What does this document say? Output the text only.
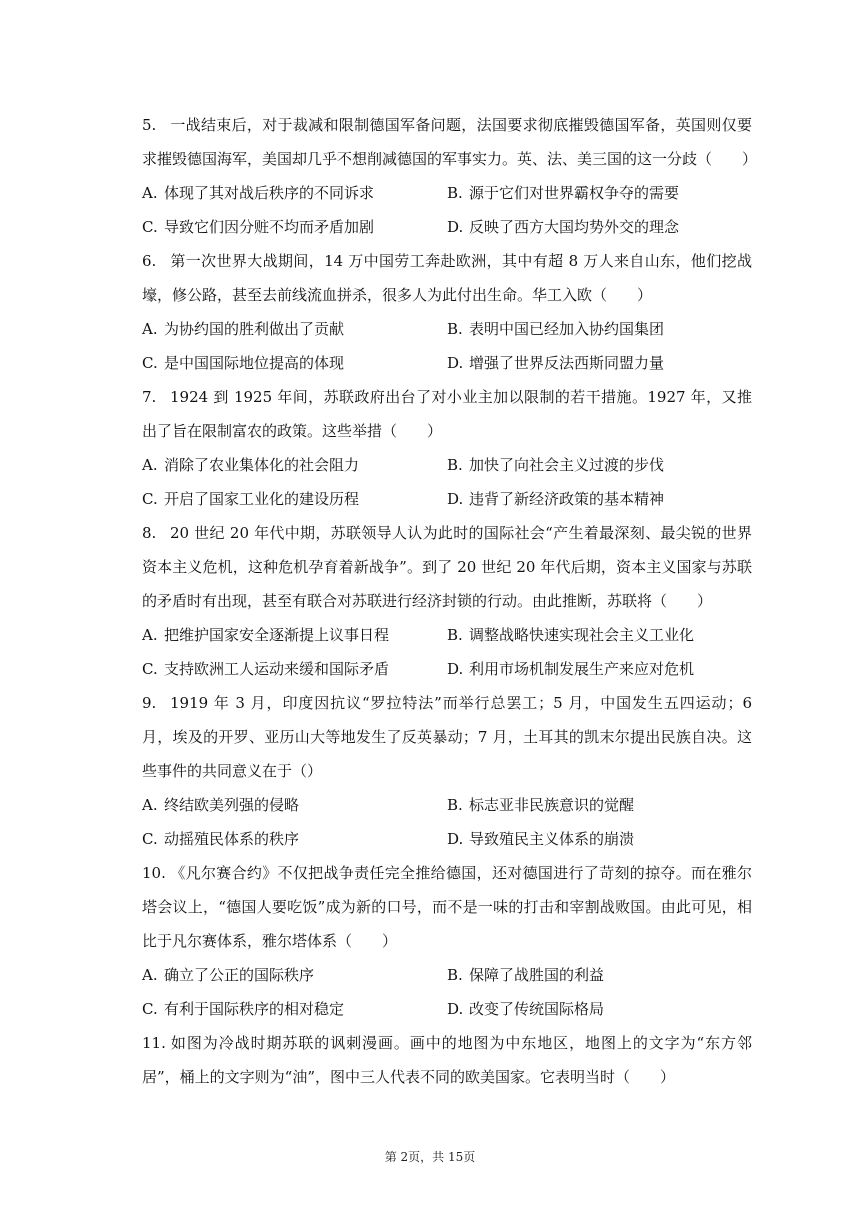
5. 一战结束后，对于裁减和限制德国军备问题，法国要求彻底摧毁德国军备，英国则仅要求摧毁德国海军，美国却几乎不想削减德国的军事实力。英、法、美三国的这一分歧（　　）

A. 体现了其对战后秩序的不同诉求	B. 源于它们对世界霸权争夺的需要
C. 导致它们因分赃不均而矛盾加剧	D. 反映了西方大国均势外交的理念

6. 第一次世界大战期间，14 万中国劳工奔赴欧洲，其中有超 8 万人来自山东，他们挖战壕，修公路，甚至去前线流血拼杀，很多人为此付出生命。华工入欧（　　）

A. 为协约国的胜利做出了贡献	B. 表明中国已经加入协约国集团
C. 是中国国际地位提高的体现	D. 增强了世界反法西斯同盟力量

7. 1924 到 1925 年间，苏联政府出台了对小业主加以限制的若干措施。1927 年，又推出了旨在限制富农的政策。这些举措（　　）

A. 消除了农业集体化的社会阻力	B. 加快了向社会主义过渡的步伐
C. 开启了国家工业化的建设历程	D. 违背了新经济政策的基本精神

8. 20 世纪 20 年代中期，苏联领导人认为此时的国际社会“产生着最深刻、最尖锐的世界资本主义危机，这种危机孕育着新战争”。到了 20 世纪 20 年代后期，资本主义国家与苏联的矛盾时有出现，甚至有联合对苏联进行经济封锁的行动。由此推断，苏联将（　　）

A. 把维护国家安全逐渐提上议事日程	B. 调整战略快速实现社会主义工业化
C. 支持欧洲工人运动来缓和国际矛盾	D. 利用市场机制发展生产来应对危机

9. 1919 年 3 月，印度因抗议“罗拉特法”而举行总罢工；5 月，中国发生五四运动；6 月，埃及的开罗、亚历山大等地发生了反英暴动；7 月，土耳其的凯末尔提出民族自决。这些事件的共同意义在于（）

A. 终结欧美列强的侵略	B. 标志亚非民族意识的觉醒
C. 动摇殖民体系的秩序	D. 导致殖民主义体系的崩溃

10. 《凡尔赛合约》不仅把战争责任完全推给德国，还对德国进行了苛刻的掠夺。而在雅尔塔会议上，“德国人要吃饭”成为新的口号，而不是一味的打击和宰割战败国。由此可见，相比于凡尔赛体系，雅尔塔体系（　　）

A. 确立了公正的国际秩序	B. 保障了战胜国的利益
C. 有利于国际秩序的相对稳定	D. 改变了传统国际格局

11. 如图为冷战时期苏联的讽刺漫画。画中的地图为中东地区，地图上的文字为“东方邻居”，桶上的文字则为“油”，图中三人代表不同的欧美国家。它表明当时（　　）

第 2页，共 15页
